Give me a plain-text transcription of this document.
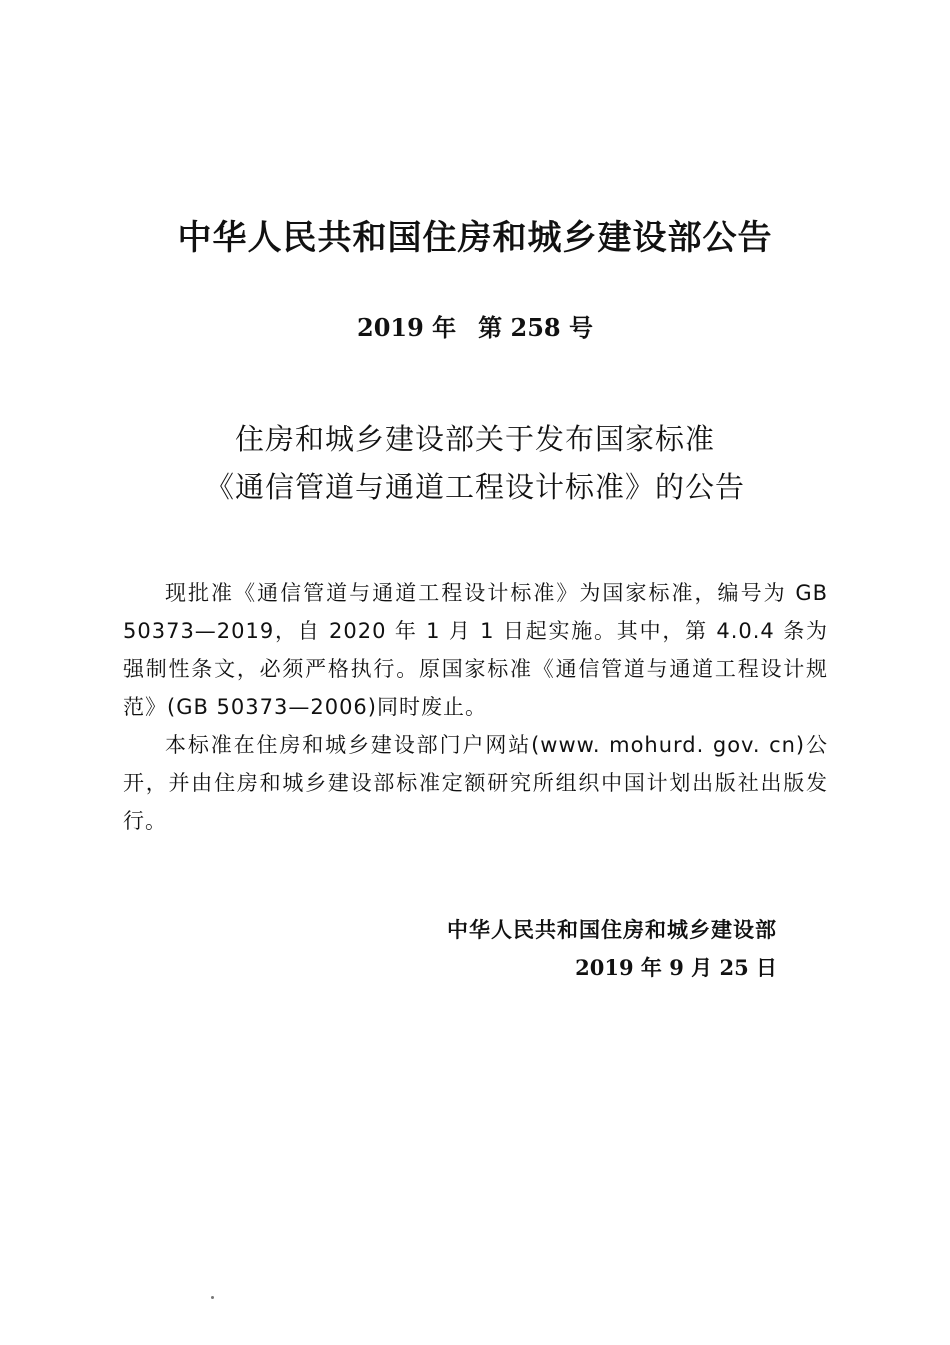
中华人民共和国住房和城乡建设部公告
2019 年 第 258 号
住房和城乡建设部关于发布国家标准
《通信管道与通道工程设计标准》的公告

现批准《通信管道与通道工程设计标准》为国家标准，编号为 GB 50373—2019，自 2020 年 1 月 1 日起实施。其中，第 4.0.4 条为强制性条文，必须严格执行。原国家标准《通信管道与通道工程设计规范》(GB 50373—2006)同时废止。

本标准在住房和城乡建设部门户网站(www. mohurd. gov. cn)公开，并由住房和城乡建设部标准定额研究所组织中国计划出版社出版发行。

中华人民共和国住房和城乡建设部
2019 年 9 月 25 日
